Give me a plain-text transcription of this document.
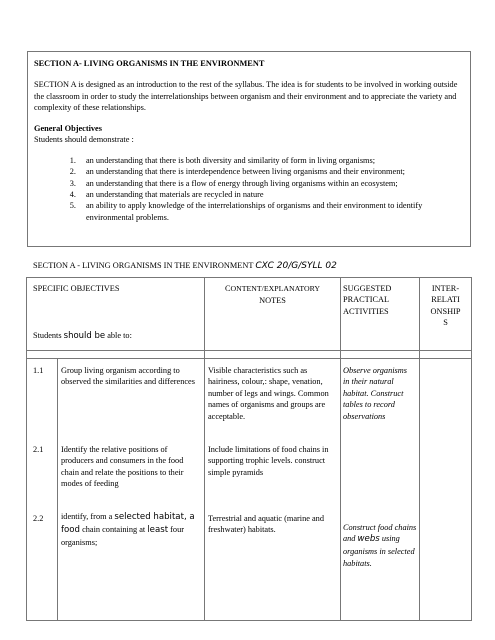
SECTION A- LIVING ORGANISMS IN THE ENVIRONMENT
SECTION A is designed as an introduction to the rest of the syllabus. The idea is for students to be involved in working outside the classroom in order to study the interrelationships between organism and their environment and to appreciate the variety and complexity of these relationships.
General Objectives
Students should demonstrate :
1. an understanding that there is both diversity and similarity of form in living organisms;
2. an understanding that there is interdependence between living organisms and their environment;
3. an understanding that there is a flow of energy through living organisms within an ecosystem;
4. an understanding that materials are recycled in nature
5. an ability to apply knowledge of the interrelationships of organisms and their environment to identify environmental problems.
SECTION A - LIVING ORGANISMS IN THE ENVIRONMENT CXC 20/G/SYLL 02
SPECIFIC OBJECTIVES	CONTENT/EXPLANATORY
NOTES
SUGGESTED
PRACTICAL
ACTIVITIES
INTER-
RELATI
ONSHIP
S
Students should be able to:
1.1 Group living organism according to observed the similarities and differences
Visible characteristics such as hairiness, colour,: shape, venation, number of legs and wings. Common names of organisms and groups are acceptable.
Observe organisms in their natural habitat. Construct tables to record observations
2.1 Identify the relative positions of producers and consumers in the food chain and relate the positions to their modes of feeding
Include limitations of food chains in supporting trophic levels. construct simple pyramids
2.2 identify, from a selected habitat, a food chain containing at least four organisms;
Terrestrial and aquatic (marine and freshwater) habitats.	Construct food chains and webs using organisms in selected habitats.
